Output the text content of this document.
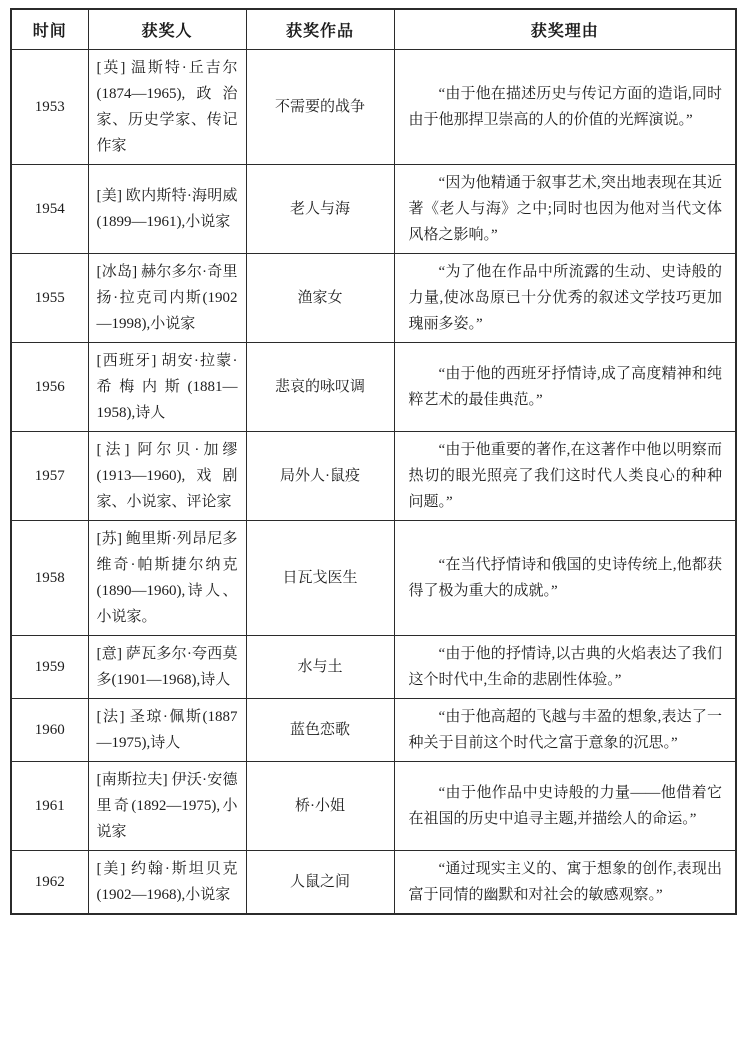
时间	获奖人	获奖作品	获奖理由
1953	[英] 温斯特·丘吉尔(1874—1965),政治家、历史学家、传记作家	不需要的战争	“由于他在描述历史与传记方面的造诣,同时由于他那捍卫崇高的人的价值的光辉演说。”
1954	[美] 欧内斯特·海明威(1899—1961),小说家	老人与海	“因为他精通于叙事艺术,突出地表现在其近著《老人与海》之中;同时也因为他对当代文体风格之影响。”
1955	[冰岛] 赫尔多尔·奇里扬·拉克司内斯(1902—1998),小说家	渔家女	“为了他在作品中所流露的生动、史诗般的力量,使冰岛原已十分优秀的叙述文学技巧更加瑰丽多姿。”
1956	[西班牙] 胡安·拉蒙·希梅内斯(1881—1958),诗人	悲哀的咏叹调	“由于他的西班牙抒情诗,成了高度精神和纯粹艺术的最佳典范。”
1957	[法] 阿尔贝·加缪(1913—1960),戏剧家、小说家、评论家	局外人·鼠疫	“由于他重要的著作,在这著作中他以明察而热切的眼光照亮了我们这时代人类良心的种种问题。”
1958	[苏] 鲍里斯·列昂尼多维奇·帕斯捷尔纳克(1890—1960),诗人、小说家。	日瓦戈医生	“在当代抒情诗和俄国的史诗传统上,他都获得了极为重大的成就。”
1959	[意] 萨瓦多尔·夸西莫多(1901—1968),诗人	水与土	“由于他的抒情诗,以古典的火焰表达了我们这个时代中,生命的悲剧性体验。”
1960	[法] 圣琼·佩斯(1887—1975),诗人	蓝色恋歌	“由于他高超的飞越与丰盈的想象,表达了一种关于目前这个时代之富于意象的沉思。”
1961	[南斯拉夫] 伊沃·安德里奇(1892—1975),小说家	桥·小姐	“由于他作品中史诗般的力量——他借着它在祖国的历史中追寻主题,并描绘人的命运。”
1962	[美] 约翰·斯坦贝克(1902—1968),小说家	人鼠之间	“通过现实主义的、寓于想象的创作,表现出富于同情的幽默和对社会的敏感观察。”
